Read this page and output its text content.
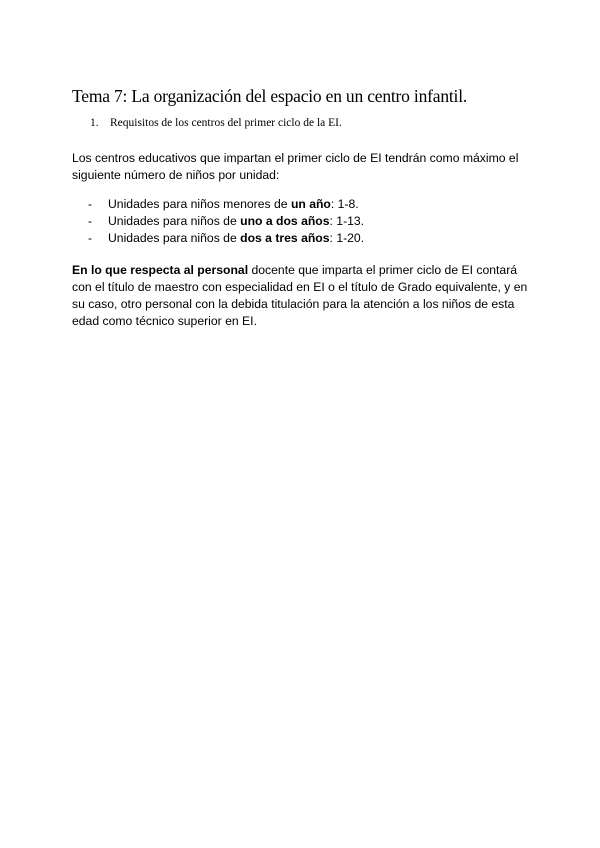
Tema 7: La organización del espacio en un centro infantil.
1. Requisitos de los centros del primer ciclo de la EI.

Los centros educativos que impartan el primer ciclo de EI tendrán como máximo el siguiente número de niños por unidad:

- Unidades para niños menores de un año: 1-8.
- Unidades para niños de uno a dos años: 1-13.
- Unidades para niños de dos a tres años: 1-20.

En lo que respecta al personal docente que imparta el primer ciclo de EI contará con el título de maestro con especialidad en EI o el título de Grado equivalente, y en su caso, otro personal con la debida titulación para la atención a los niños de esta edad como técnico superior en EI.
